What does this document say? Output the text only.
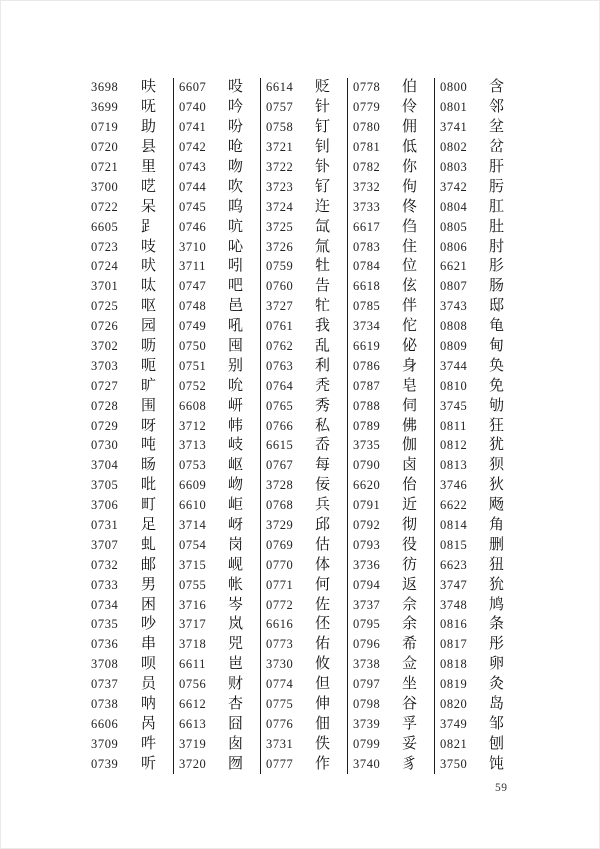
3698 呋
3699 呒
0719 助
0720 县
0721 里
3700 呓
0722 呆
6605 𧾷
0723 吱
0724 吠
3701 呔
0725 呕
0726 园
3702 呖
3703 呃
0727 旷
0728 围
0729 呀
0730 吨
3704 旸
3705 吡
3706 町
0731 足
3707 虬
0732 邮
0733 男
0734 困
0735 吵
0736 串
3708 呗
0737 员
0738 呐
6606 呙
3709 吽
0739 听
6607 吺
0740 吟
0741 吩
0742 呛
0743 吻
0744 吹
0745 呜
0746 吭
3710 吣
3711 吲
0747 吧
0748 邑
0749 吼
0750 囤
0751 别
0752 吮
6608 岍
3712 帏
3713 岐
0753 岖
6609 岉
6610 岠
3714 岈
0754 岗
3715 岘
0755 帐
3716 岑
3717 岚
3718 兕
6611 岜
0756 财
6612 杏
6613 囧
3719 囱
3720 囫
6614 贬
0757 针
0758 钉
3721 钊
3722 钋
3723 钌
3724 迕
3725 氙
3726 氚
0759 牡
0760 告
3727 牤
0761 我
0762 乱
0763 利
0764 秃
0765 秀
0766 私
6615 岙
0767 每
3728 佞
0768 兵
3729 邱
0769 估
0770 体
0771 何
0772 佐
6616 伾
0773 佑
3730 攸
0774 但
0775 伸
0776 佃
3731 佚
0777 作
0778 伯
0779 伶
0780 佣
0781 低
0782 你
3732 佝
3733 佟
6617 㑇
0783 住
0784 位
6618 伭
0785 伴
3734 佗
6619 佖
0786 身
0787 皂
0788 伺
0789 佛
3735 伽
0790 卤
6620 佁
0791 近
0792 彻
0793 役
3736 彷
0794 返
3737 佘
0795 余
0796 希
3738 佥
0797 坐
0798 谷
3739 孚
0799 妥
3740 豸
0800 含
0801 邻
3741 坌
0802 岔
0803 肝
3742 肟
0804 肛
0805 肚
0806 肘
6621 肜
0807 肠
3743 邸
0808 龟
0809 甸
3744 奂
0810 免
3745 劬
0811 狂
0812 犹
0813 狈
3746 狄
6622 飏
0814 角
0815 删
6623 狃
3747 狁
3748 鸠
0816 条
0817 彤
0818 卵
0819 灸
0820 岛
3749 邹
0821 刨
3750 饨
59
